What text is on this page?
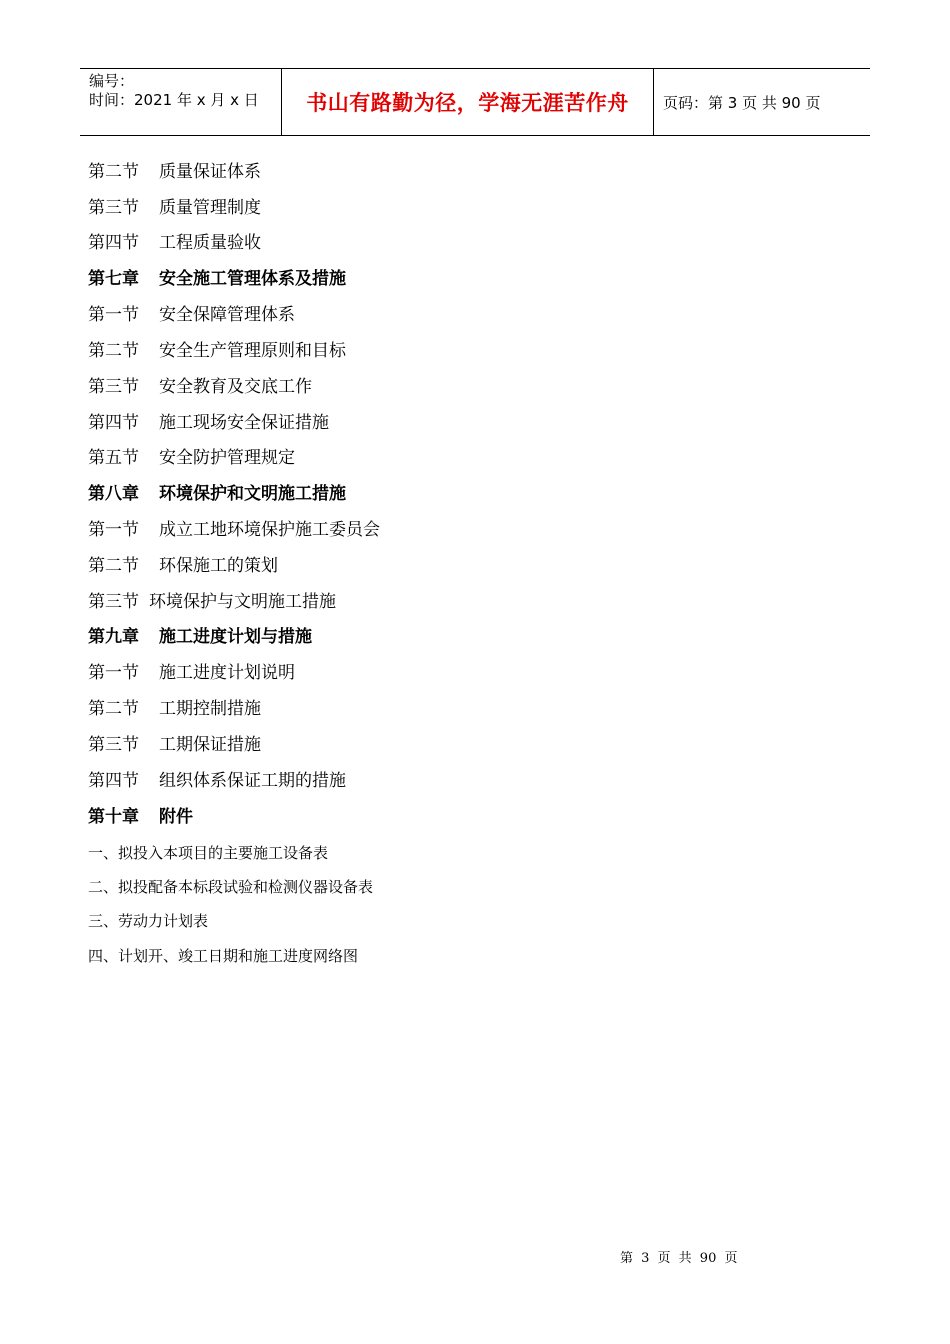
编号：
时间：2021 年 x 月 x 日 书山有路勤为径，学海无涯苦作舟 页码：第 3 页 共 90 页
第二节 质量保证体系
第三节 质量管理制度
第四节 工程质量验收
第七章 安全施工管理体系及措施
第一节 安全保障管理体系
第二节 安全生产管理原则和目标
第三节 安全教育及交底工作
第四节 施工现场安全保证措施
第五节 安全防护管理规定
第八章 环境保护和文明施工措施
第一节 成立工地环境保护施工委员会
第二节 环保施工的策划
第三节 环境保护与文明施工措施
第九章 施工进度计划与措施
第一节 施工进度计划说明
第二节 工期控制措施
第三节 工期保证措施
第四节 组织体系保证工期的措施
第十章 附件
一、拟投入本项目的主要施工设备表
二、拟投配备本标段试验和检测仪器设备表
三、劳动力计划表
四、计划开、竣工日期和施工进度网络图
第 3 页 共 90 页
